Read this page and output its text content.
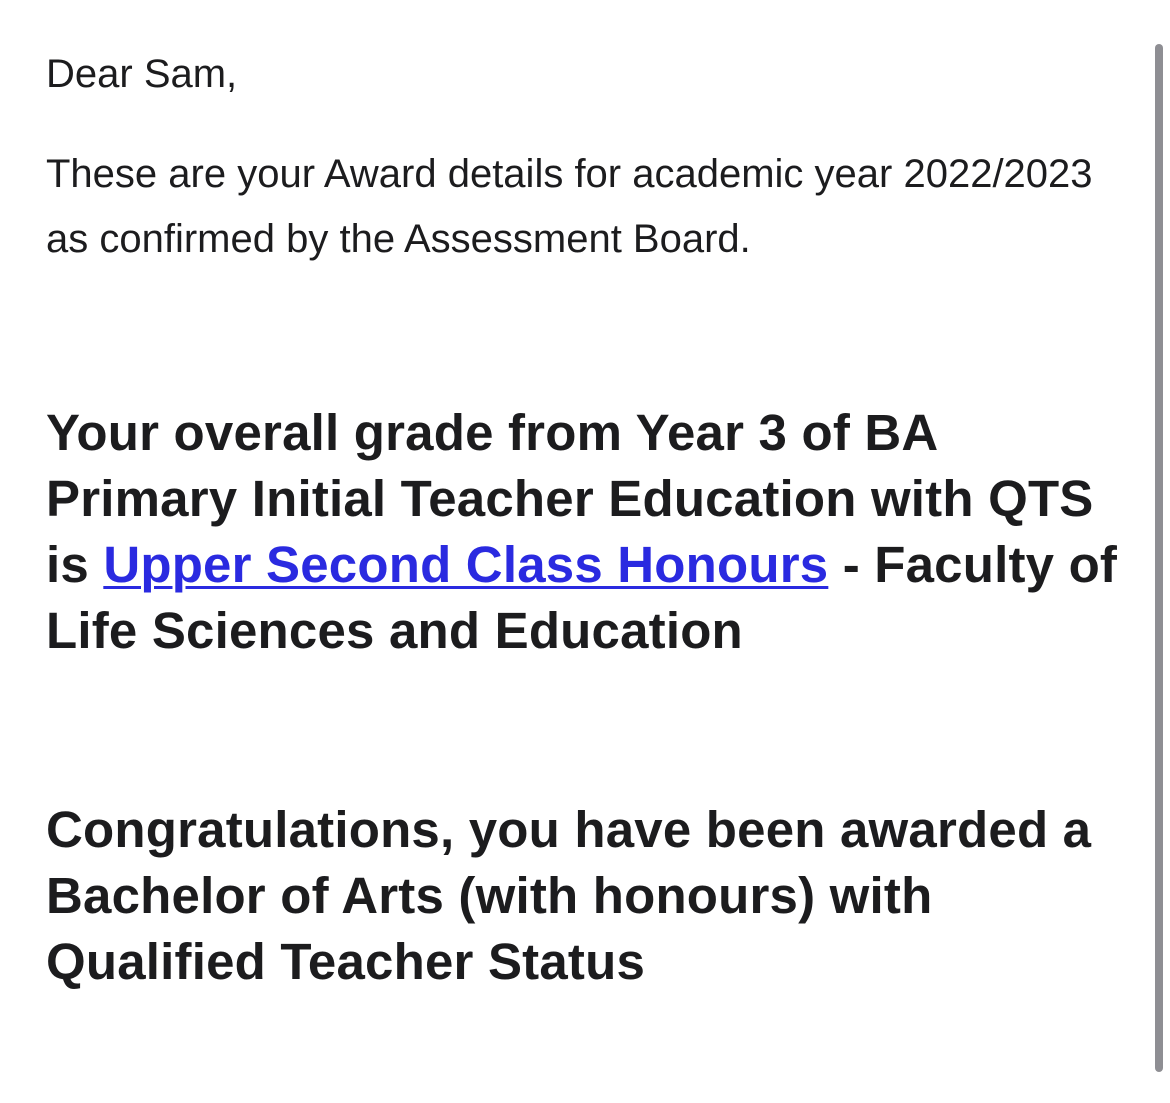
Dear Sam,

These are your Award details for academic year 2022/2023 as confirmed by the Assessment Board.

Your overall grade from Year 3 of BA Primary Initial Teacher Education with QTS is Upper Second Class Honours - Faculty of Life Sciences and Education

Congratulations, you have been awarded a Bachelor of Arts (with honours) with Qualified Teacher Status
